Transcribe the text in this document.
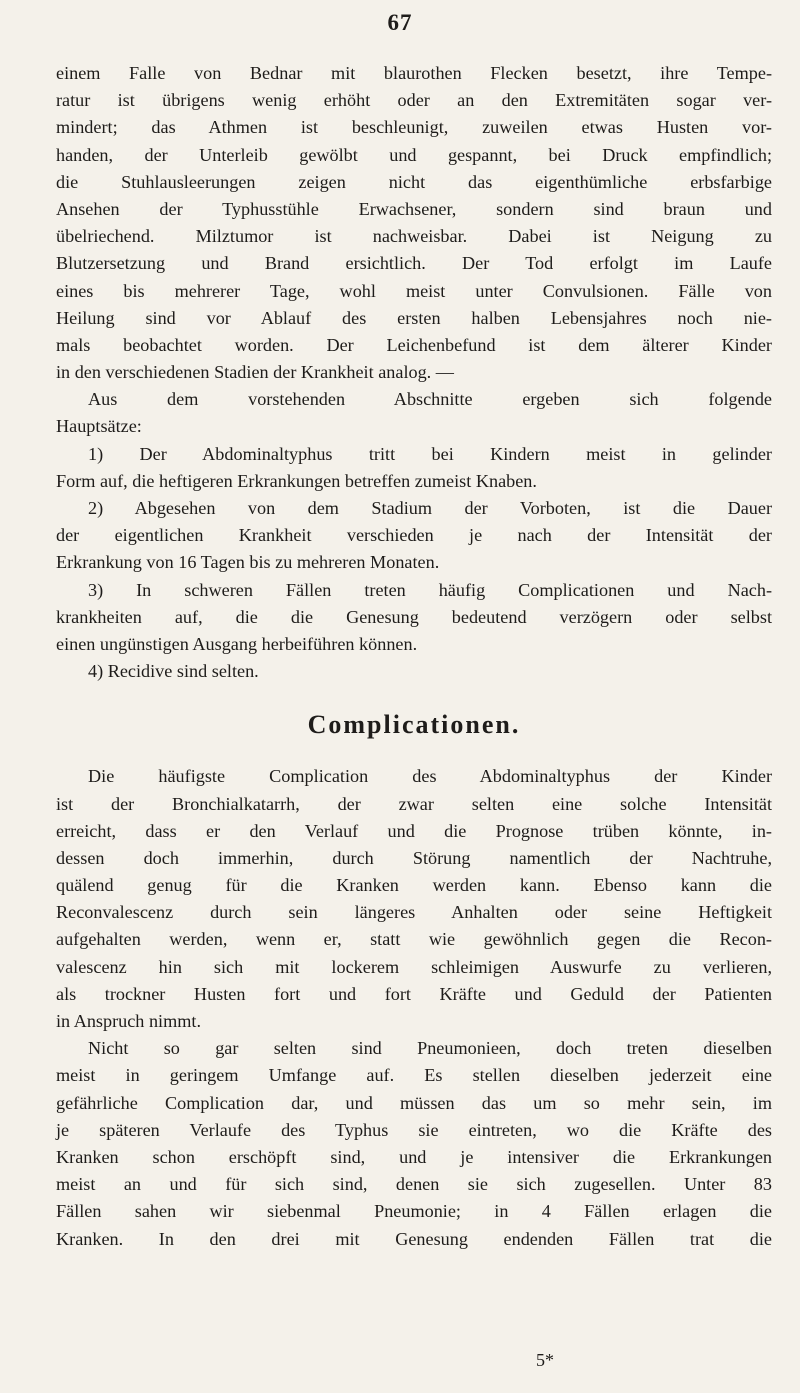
67
einem Falle von Bednar mit blaurothen Flecken besetzt, ihre Tempe-
ratur ist übrigens wenig erhöht oder an den Extremitäten sogar ver-
mindert; das Athmen ist beschleunigt, zuweilen etwas Husten vor-
handen, der Unterleib gewölbt und gespannt, bei Druck empfindlich;
die Stuhlausleerungen zeigen nicht das eigenthümliche erbsfarbige
Ansehen der Typhusstühle Erwachsener, sondern sind braun und
übelriechend. Milztumor ist nachweisbar. Dabei ist Neigung zu
Blutzersetzung und Brand ersichtlich. Der Tod erfolgt im Laufe
eines bis mehrerer Tage, wohl meist unter Convulsionen. Fälle von
Heilung sind vor Ablauf des ersten halben Lebensjahres noch nie-
mals beobachtet worden. Der Leichenbefund ist dem älterer Kinder
in den verschiedenen Stadien der Krankheit analog. —
Aus dem vorstehenden Abschnitte ergeben sich folgende
Hauptsätze:
1) Der Abdominaltyphus tritt bei Kindern meist in gelinder
Form auf, die heftigeren Erkrankungen betreffen zumeist Knaben.
2) Abgesehen von dem Stadium der Vorboten, ist die Dauer
der eigentlichen Krankheit verschieden je nach der Intensität der
Erkrankung von 16 Tagen bis zu mehreren Monaten.
3) In schweren Fällen treten häufig Complicationen und Nach-
krankheiten auf, die die Genesung bedeutend verzögern oder selbst
einen ungünstigen Ausgang herbeiführen können.
4) Recidive sind selten.
Complicationen.
Die häufigste Complication des Abdominaltyphus der Kinder
ist der Bronchialkatarrh, der zwar selten eine solche Intensität
erreicht, dass er den Verlauf und die Prognose trüben könnte, in-
dessen doch immerhin, durch Störung namentlich der Nachtruhe,
quälend genug für die Kranken werden kann. Ebenso kann die
Reconvalescenz durch sein längeres Anhalten oder seine Heftigkeit
aufgehalten werden, wenn er, statt wie gewöhnlich gegen die Recon-
valescenz hin sich mit lockerem schleimigen Auswurfe zu verlieren,
als trockner Husten fort und fort Kräfte und Geduld der Patienten
in Anspruch nimmt.
Nicht so gar selten sind Pneumonieen, doch treten dieselben
meist in geringem Umfange auf. Es stellen dieselben jederzeit eine
gefährliche Complication dar, und müssen das um so mehr sein, im
je späteren Verlaufe des Typhus sie eintreten, wo die Kräfte des
Kranken schon erschöpft sind, und je intensiver die Erkrankungen
meist an und für sich sind, denen sie sich zugesellen. Unter 83
Fällen sahen wir siebenmal Pneumonie; in 4 Fällen erlagen die
Kranken. In den drei mit Genesung endenden Fällen trat die
5*
